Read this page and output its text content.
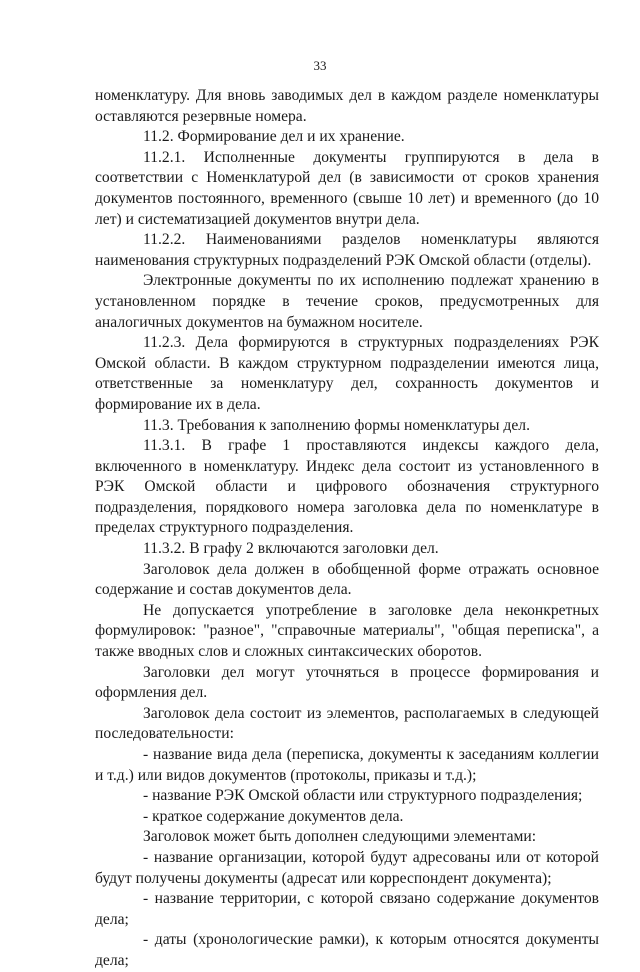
33

номенклатуру. Для вновь заводимых дел в каждом разделе номенклатуры оставляются резервные номера.

11.2. Формирование дел и их хранение.

11.2.1. Исполненные документы группируются в дела в соответствии с Номенклатурой дел (в зависимости от сроков хранения документов постоянного, временного (свыше 10 лет) и временного (до 10 лет) и систематизацией документов внутри дела.

11.2.2. Наименованиями разделов номенклатуры являются наименования структурных подразделений РЭК Омской области (отделы).

Электронные документы по их исполнению подлежат хранению в установленном порядке в течение сроков, предусмотренных для аналогичных документов на бумажном носителе.

11.2.3. Дела формируются в структурных подразделениях РЭК Омской области. В каждом структурном подразделении имеются лица, ответственные за номенклатуру дел, сохранность документов и формирование их в дела.

11.3. Требования к заполнению формы номенклатуры дел.

11.3.1. В графе 1 проставляются индексы каждого дела, включенного в номенклатуру. Индекс дела состоит из установленного в РЭК Омской области и цифрового обозначения структурного подразделения, порядкового номера заголовка дела по номенклатуре в пределах структурного подразделения.

11.3.2. В графу 2 включаются заголовки дел.

Заголовок дела должен в обобщенной форме отражать основное содержание и состав документов дела.

Не допускается употребление в заголовке дела неконкретных формулировок: "разное", "справочные материалы", "общая переписка", а также вводных слов и сложных синтаксических оборотов.

Заголовки дел могут уточняться в процессе формирования и оформления дел.

Заголовок дела состоит из элементов, располагаемых в следующей последовательности:

- название вида дела (переписка, документы к заседаниям коллегии и т.д.) или видов документов (протоколы, приказы и т.д.);

- название РЭК Омской области или структурного подразделения;

- краткое содержание документов дела.

Заголовок может быть дополнен следующими элементами:

- название организации, которой будут адресованы или от которой будут получены документы (адресат или корреспондент документа);

- название территории, с которой связано содержание документов дела;

- даты (хронологические рамки), к которым относятся документы дела;
